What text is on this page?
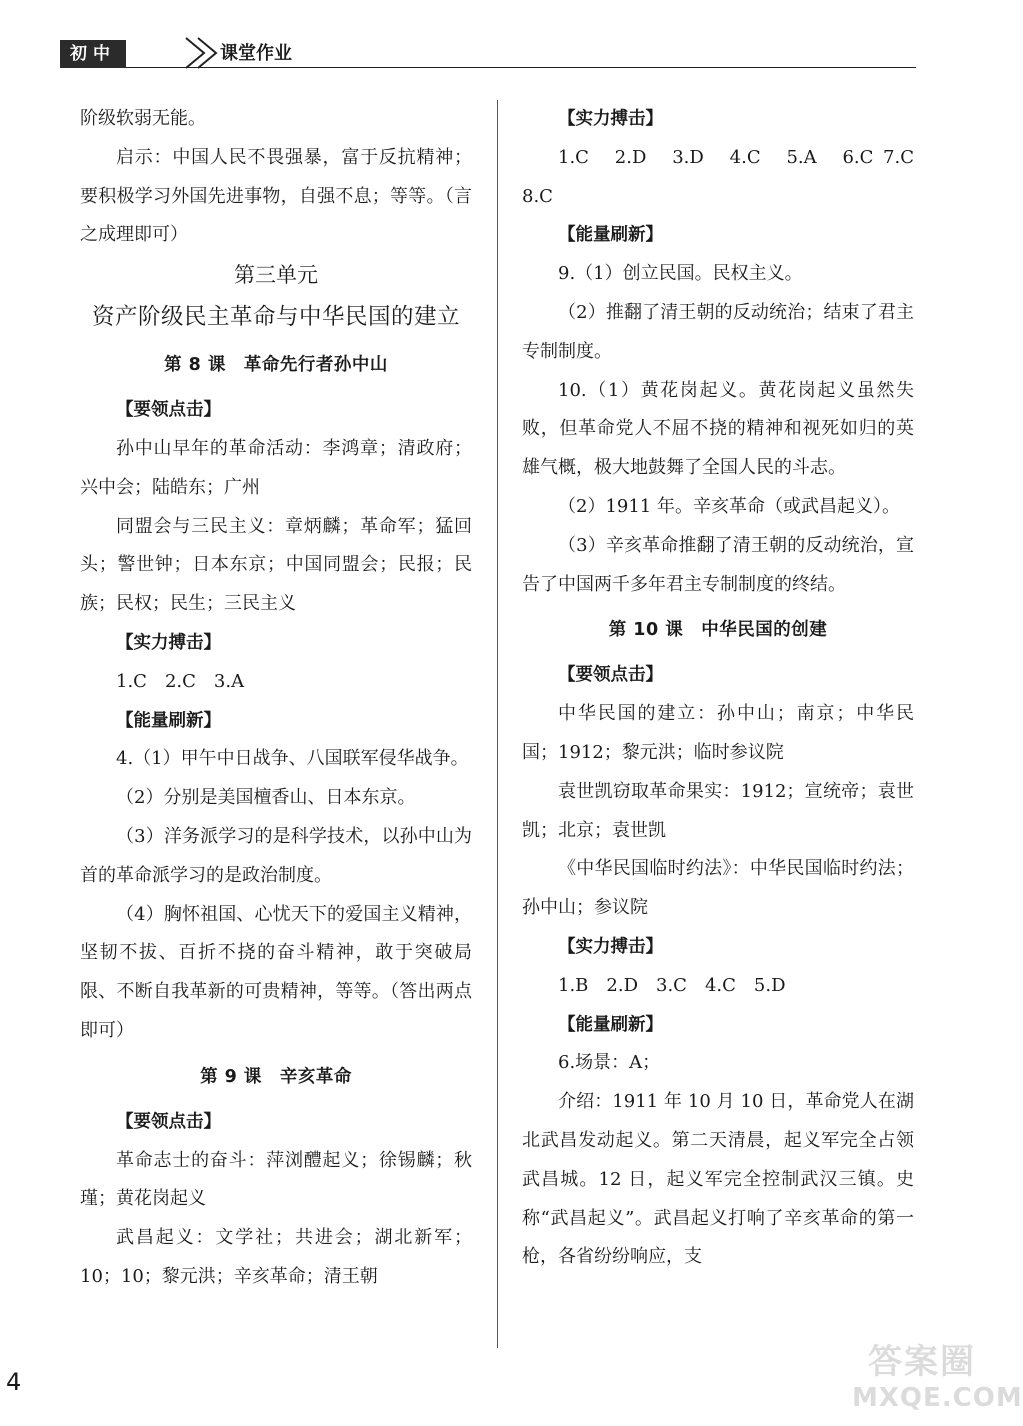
初中	课堂作业

阶级软弱无能。

启示：中国人民不畏强暴，富于反抗精神；要积极学习外国先进事物，自强不息；等等。（言之成理即可）

第三单元

资产阶级民主革命与中华民国的建立

第 8 课　革命先行者孙中山

【要领点击】

孙中山早年的革命活动：李鸿章；清政府；兴中会；陆皓东；广州

同盟会与三民主义：章炳麟；革命军；猛回头；警世钟；日本东京；中国同盟会；民报；民族；民权；民生；三民主义

【实力搏击】

1.C　2.C　3.A

【能量刷新】

4.（1）甲午中日战争、八国联军侵华战争。

（2）分别是美国檀香山、日本东京。

（3）洋务派学习的是科学技术，以孙中山为首的革命派学习的是政治制度。

（4）胸怀祖国、心忧天下的爱国主义精神，坚韧不拔、百折不挠的奋斗精神，敢于突破局限、不断自我革新的可贵精神，等等。（答出两点即可）

第 9 课　辛亥革命

【要领点击】

革命志士的奋斗：萍浏醴起义；徐锡麟；秋瑾；黄花岗起义

武昌起义：文学社；共进会；湖北新军；10；10；黎元洪；辛亥革命；清王朝

【实力搏击】

1.C　2.D　3.D　4.C　5.A　6.C 7.C　8.C

【能量刷新】

9.（1）创立民国。民权主义。

（2）推翻了清王朝的反动统治；结束了君主专制制度。

10.（1）黄花岗起义。黄花岗起义虽然失败，但革命党人不屈不挠的精神和视死如归的英雄气概，极大地鼓舞了全国人民的斗志。

（2）1911 年。辛亥革命（或武昌起义）。

（3）辛亥革命推翻了清王朝的反动统治，宣告了中国两千多年君主专制制度的终结。

第 10 课　中华民国的创建

【要领点击】

中华民国的建立：孙中山；南京；中华民国；1912；黎元洪；临时参议院

袁世凯窃取革命果实：1912；宣统帝；袁世凯；北京；袁世凯

《中华民国临时约法》：中华民国临时约法；孙中山；参议院

【实力搏击】

1.B　2.D　3.C　4.C　5.D

【能量刷新】

6.场景：A；

介绍：1911 年 10 月 10 日，革命党人在湖北武昌发动起义。第二天清晨，起义军完全占领武昌城。12 日，起义军完全控制武汉三镇。史称“武昌起义”。武昌起义打响了辛亥革命的第一枪，各省纷纷响应，支

4	答案圈
MXQE.COM
